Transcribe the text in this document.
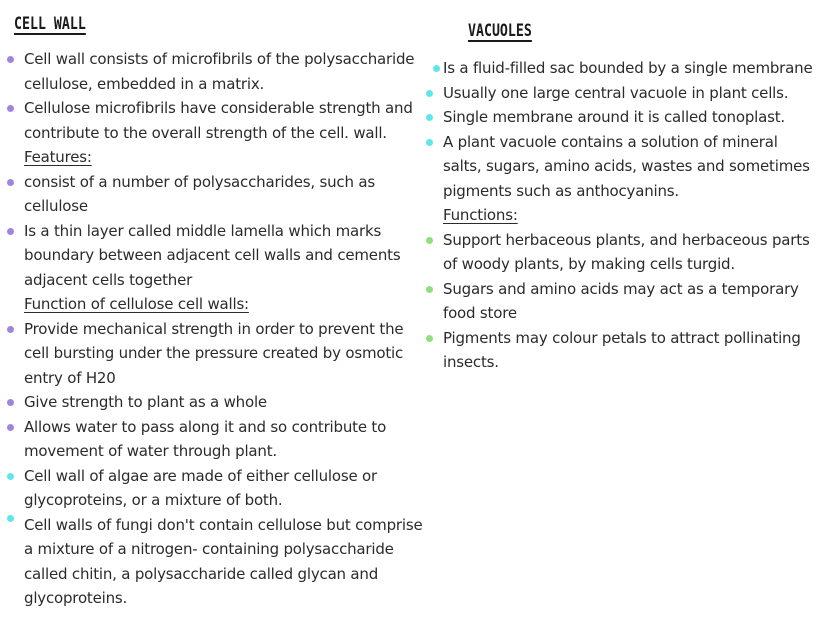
CELL WALL

Cell wall consists of microfibrils of the polysaccharide cellulose, embedded in a matrix.

Cellulose microfibrils have considerable strength and contribute to the overall strength of the cell. wall.

Features:

consist of a number of polysaccharides, such as cellulose

Is a thin layer called middle lamella which marks boundary between adjacent cell walls and cements adjacent cells together

Function of cellulose cell walls:

Provide mechanical strength in order to prevent the cell bursting under the pressure created by osmotic entry of H20

Give strength to plant as a whole

Allows water to pass along it and so contribute to movement of water through plant.

Cell wall of algae are made of either cellulose or glycoproteins, or a mixture of both.

Cell walls of fungi don't contain cellulose but comprise a mixture of a nitrogen- containing polysaccharide called chitin, a polysaccharide called glycan and glycoproteins.

VACUOLES

Is a fluid-filled sac bounded by a single membrane

Usually one large central vacuole in plant cells.

Single membrane around it is called tonoplast.

A plant vacuole contains a solution of mineral salts, sugars, amino acids, wastes and sometimes pigments such as anthocyanins.

Functions:

Support herbaceous plants, and herbaceous parts of woody plants, by making cells turgid.

Sugars and amino acids may act as a temporary food store

Pigments may colour petals to attract pollinating insects.
